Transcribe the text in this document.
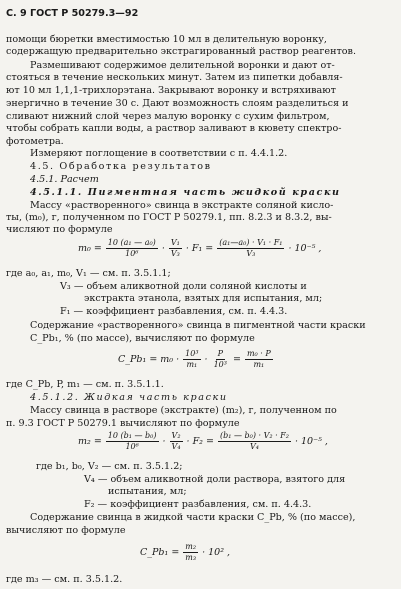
С. 9 ГОСТ Р 50279.3—92
помощи бюретки вместимостью 10 мл в делительную воронку,
содержащую предварительно экстрагированный раствор реагентов.
Размешивают содержимое делительной воронки и дают от-
стояться в течение нескольких минут. Затем из пипетки добавля-
ют 10 мл 1,1,1-трихлорэтана. Закрывают воронку и встряхивают
энергично в течение 30 с. Дают возможность слоям разделиться и
сливают нижний слой через малую воронку с сухим фильтром,
чтобы собрать капли воды, а раствор заливают в кювету спектро-
фотометра.
Измеряют поглощение в соответствии с п. 4.4.1.2.
4.5. Обработка результатов
4.5.1. Расчет
4.5.1.1. Пигментная часть жидкой краски
Массу «растворенного» свинца в экстракте соляной кисло-
ты, (m₀), г, полученном по ГОСТ Р 50279.1, пп. 8.2.3 и 8.3.2, вы-
числяют по формуле
$m_0 = \frac{\text{10 (a₁ — a₀)}}{\text{10⁶}} \cdot \frac{\text{V₁}}{\text{V₃}} \cdot F_1 = \frac{\text{(a₁—a₀) · V₁ · F₁}}{\text{V₃}} \cdot 10^{-5}$ ,
где a₀, a₁, m₀, V₁ — см. п. 3.5.1.1;
V₃ — объем аликвотной доли соляной кислоты и
экстракта этанола, взятых для испытания, мл;
F₁ — коэффициент разбавления, см. п. 4.4.3.
Содержание «растворенного» свинца в пигментной части краски C_Pb₁, % (по массе), вычисляют по формуле
C_Pb₁ = $m_0 \cdot \frac{\text{10³}}{\text{m₁}} \cdot \frac{P}{\text{10³}} = \frac{\text{m₀ · P}}{\text{m₁}}$
где C_Pb, P, m₁ — см. п. 3.5.1.1.
4.5.1.2. Жидкая часть краски
Массу свинца в растворе (экстракте) (m₂), г, полученном по
п. 9.3 ГОСТ Р 50279.1 вычисляют по формуле
$m_2 = \frac{\text{10 (b₁ — b₀)}}{\text{10⁶}} \cdot \frac{\text{V₂}}{\text{V₄}} \cdot F_2 = \frac{\text{(b₁ — b₀) · V₂ · F₂}}{\text{V₄}} \cdot 10^{-5}$ ,
где b₁, b₀, V₂ — см. п. 3.5.1.2;
V₄ — объем аликвотной доли раствора, взятого для
испытания, мл;
F₂ — коэффициент разбавления, см. п. 4.4.3.
Содержание свинца в жидкой части краски C_Pb, % (по массе),
вычисляют по формуле
C_Pb₁ = $\frac{\text{m₂}}{\text{m₃}} \cdot 10^2$ ,
где m₃ — см. п. 3.5.1.2.
